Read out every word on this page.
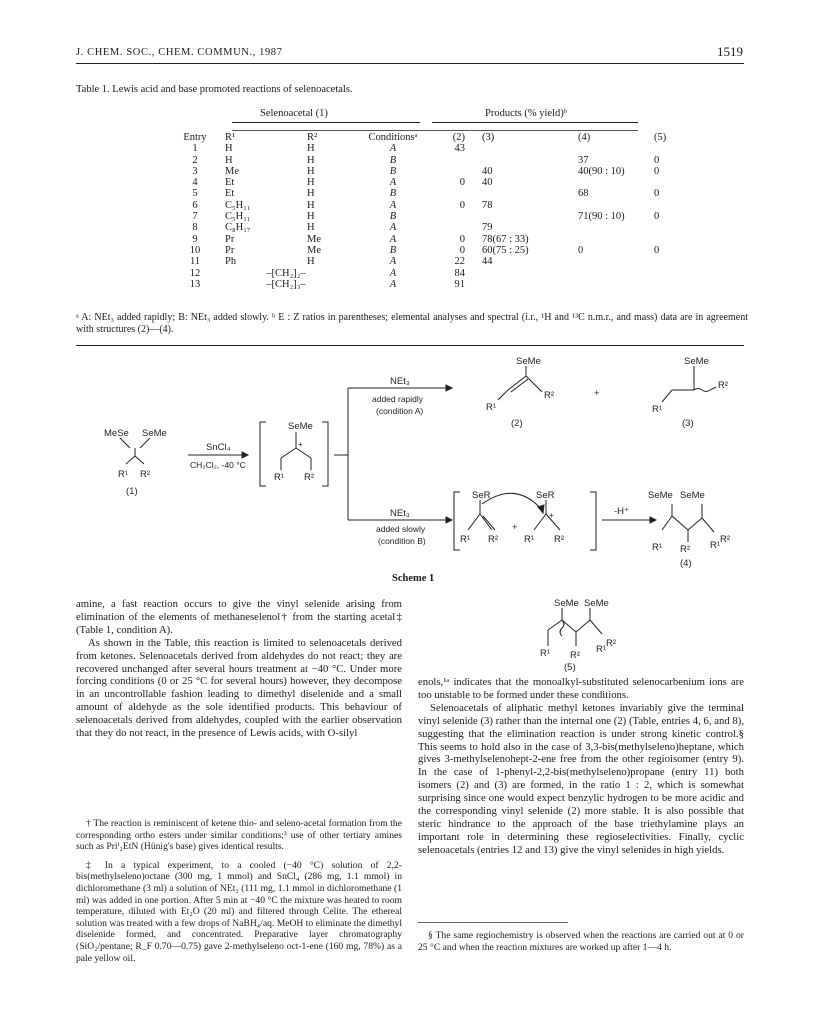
J. CHEM. SOC., CHEM. COMMUN., 1987	1519
Table 1. Lewis acid and base promoted reactions of selenoacetals.
Selenoacetal (1)	Products (% yield)ᵇ
Entry	R¹	R²	Conditionsᵃ	(2)	(3)	(4)	(5)
1	H	H	A	43			
2	H	H	B			37	0
3	Me	H	B		40	40(90 : 10)	0
4	Et	H	A	0	40		
5	Et	H	B			68	0
6	C₅H₁₁	H	A	0	78		
7	C₅H₁₁	H	B			71(90 : 10)	0
8	C₈H₁₇	H	A		79		
9	Pr	Me	A	0	78(67 : 33)		
10	Pr	Me	B	0	60(75 : 25)	0	0
11	Ph	H	A	22	44		
12	–[CH₂]₂–		A	84			
13	–[CH₂]₃–		A	91			
ᵃ A: NEt₃ added rapidly; B: NEt₃ added slowly. ᵇ E : Z ratios in parentheses; elemental analyses and spectral (i.r., ¹H and ¹³C n.m.r., and mass) data are in agreement with structures (2)—(4).
MeSe SeMe
R¹ R²
(1)
SnCl₄
CH₂Cl₂, -40 °C
SeMe
+
R¹ R²
NEt₃
added rapidly
(condition A)
SeMe
R¹
R²
(2)
+
SeMe
R¹
R²
(3)
NEt₃
added slowly
(condition B)
SeR
R¹ R²
+
SeR
+
R¹ R²
-H⁺
SeMe SeMe
R¹ R² R¹
R²
(4)
Scheme 1
SeMe SeMe
R¹ R²
R¹
R²
(5)

amine, a fast reaction occurs to give the vinyl selenide arising from elimination of the elements of methaneselenol† from the starting acetal‡ (Table 1, condition A).

As shown in the Table, this reaction is limited to selenoacetals derived from ketones. Selenoacetals derived from aldehydes do not react; they are recovered unchanged after several hours treatment at −40 °C. Under more forcing conditions (0 or 25 °C for several hours) however, they decompose in an uncontrollable fashion leading to dimethyl diselenide and a small amount of aldehyde as the sole identified products. This behaviour of selenoacetals derived from aldehydes, coupled with the earlier observation that they do not react, in the presence of Lewis acids, with O-silyl

† The reaction is reminiscent of ketene thio- and seleno-acetal formation from the corresponding ortho esters under similar conditions;³ use of other tertiary amines such as Priⁱ₂EtN (Hünig's base) gives identical results.

‡ In a typical experiment, to a cooled (−40 °C) solution of 2,2-bis(methylseleno)octane (300 mg, 1 mmol) and SnCl₄ (286 mg, 1.1 mmol) in dichloromethane (3 ml) a solution of NEt₃ (111 mg, 1.1 mmol in dichloromethane (1 ml) was added in one portion. After 5 min at −40 °C the mixture was heated to room temperature, diluted with Et₂O (20 ml) and filtered through Celite. The ethereal solution was treated with a few drops of NaBH₄/aq. MeOH to eliminate the dimethyl diselenide formed, and concentrated. Preparative layer chromatography (SiO₂/pentane; R_F 0.70—0.75) gave 2-methylseleno oct-1-ene (160 mg, 78%) as a pale yellow oil.

enols,¹ᵃ indicates that the monoalkyl-substituted selenocarbenium ions are too unstable to be formed under these conditions.

Selenoacetals of aliphatic methyl ketones invariably give the terminal vinyl selenide (3) rather than the internal one (2) (Table, entries 4, 6, and 8), suggesting that the elimination reaction is under strong kinetic control.§ This seems to hold also in the case of 3,3-bis(methylseleno)heptane, which gives 3-methylselenohept-2-ene free from the other regioisomer (entry 9). In the case of 1-phenyl-2,2-bis(methylseleno)propane (entry 11) both isomers (2) and (3) are formed, in the ratio 1 : 2, which is somewhat surprising since one would expect benzylic hydrogen to be more acidic and the corresponding vinyl selenide (2) more stable. It is also possible that steric hindrance to the approach of the base triethylamine plays an important role in determining these regioselectivities. Finally, cyclic selenoacetals (entries 12 and 13) give the vinyl selenides in high yields.

§ The same regiochemistry is observed when the reactions are carried out at 0 or 25 °C and when the reaction mixtures are worked up after 1—4 h.
